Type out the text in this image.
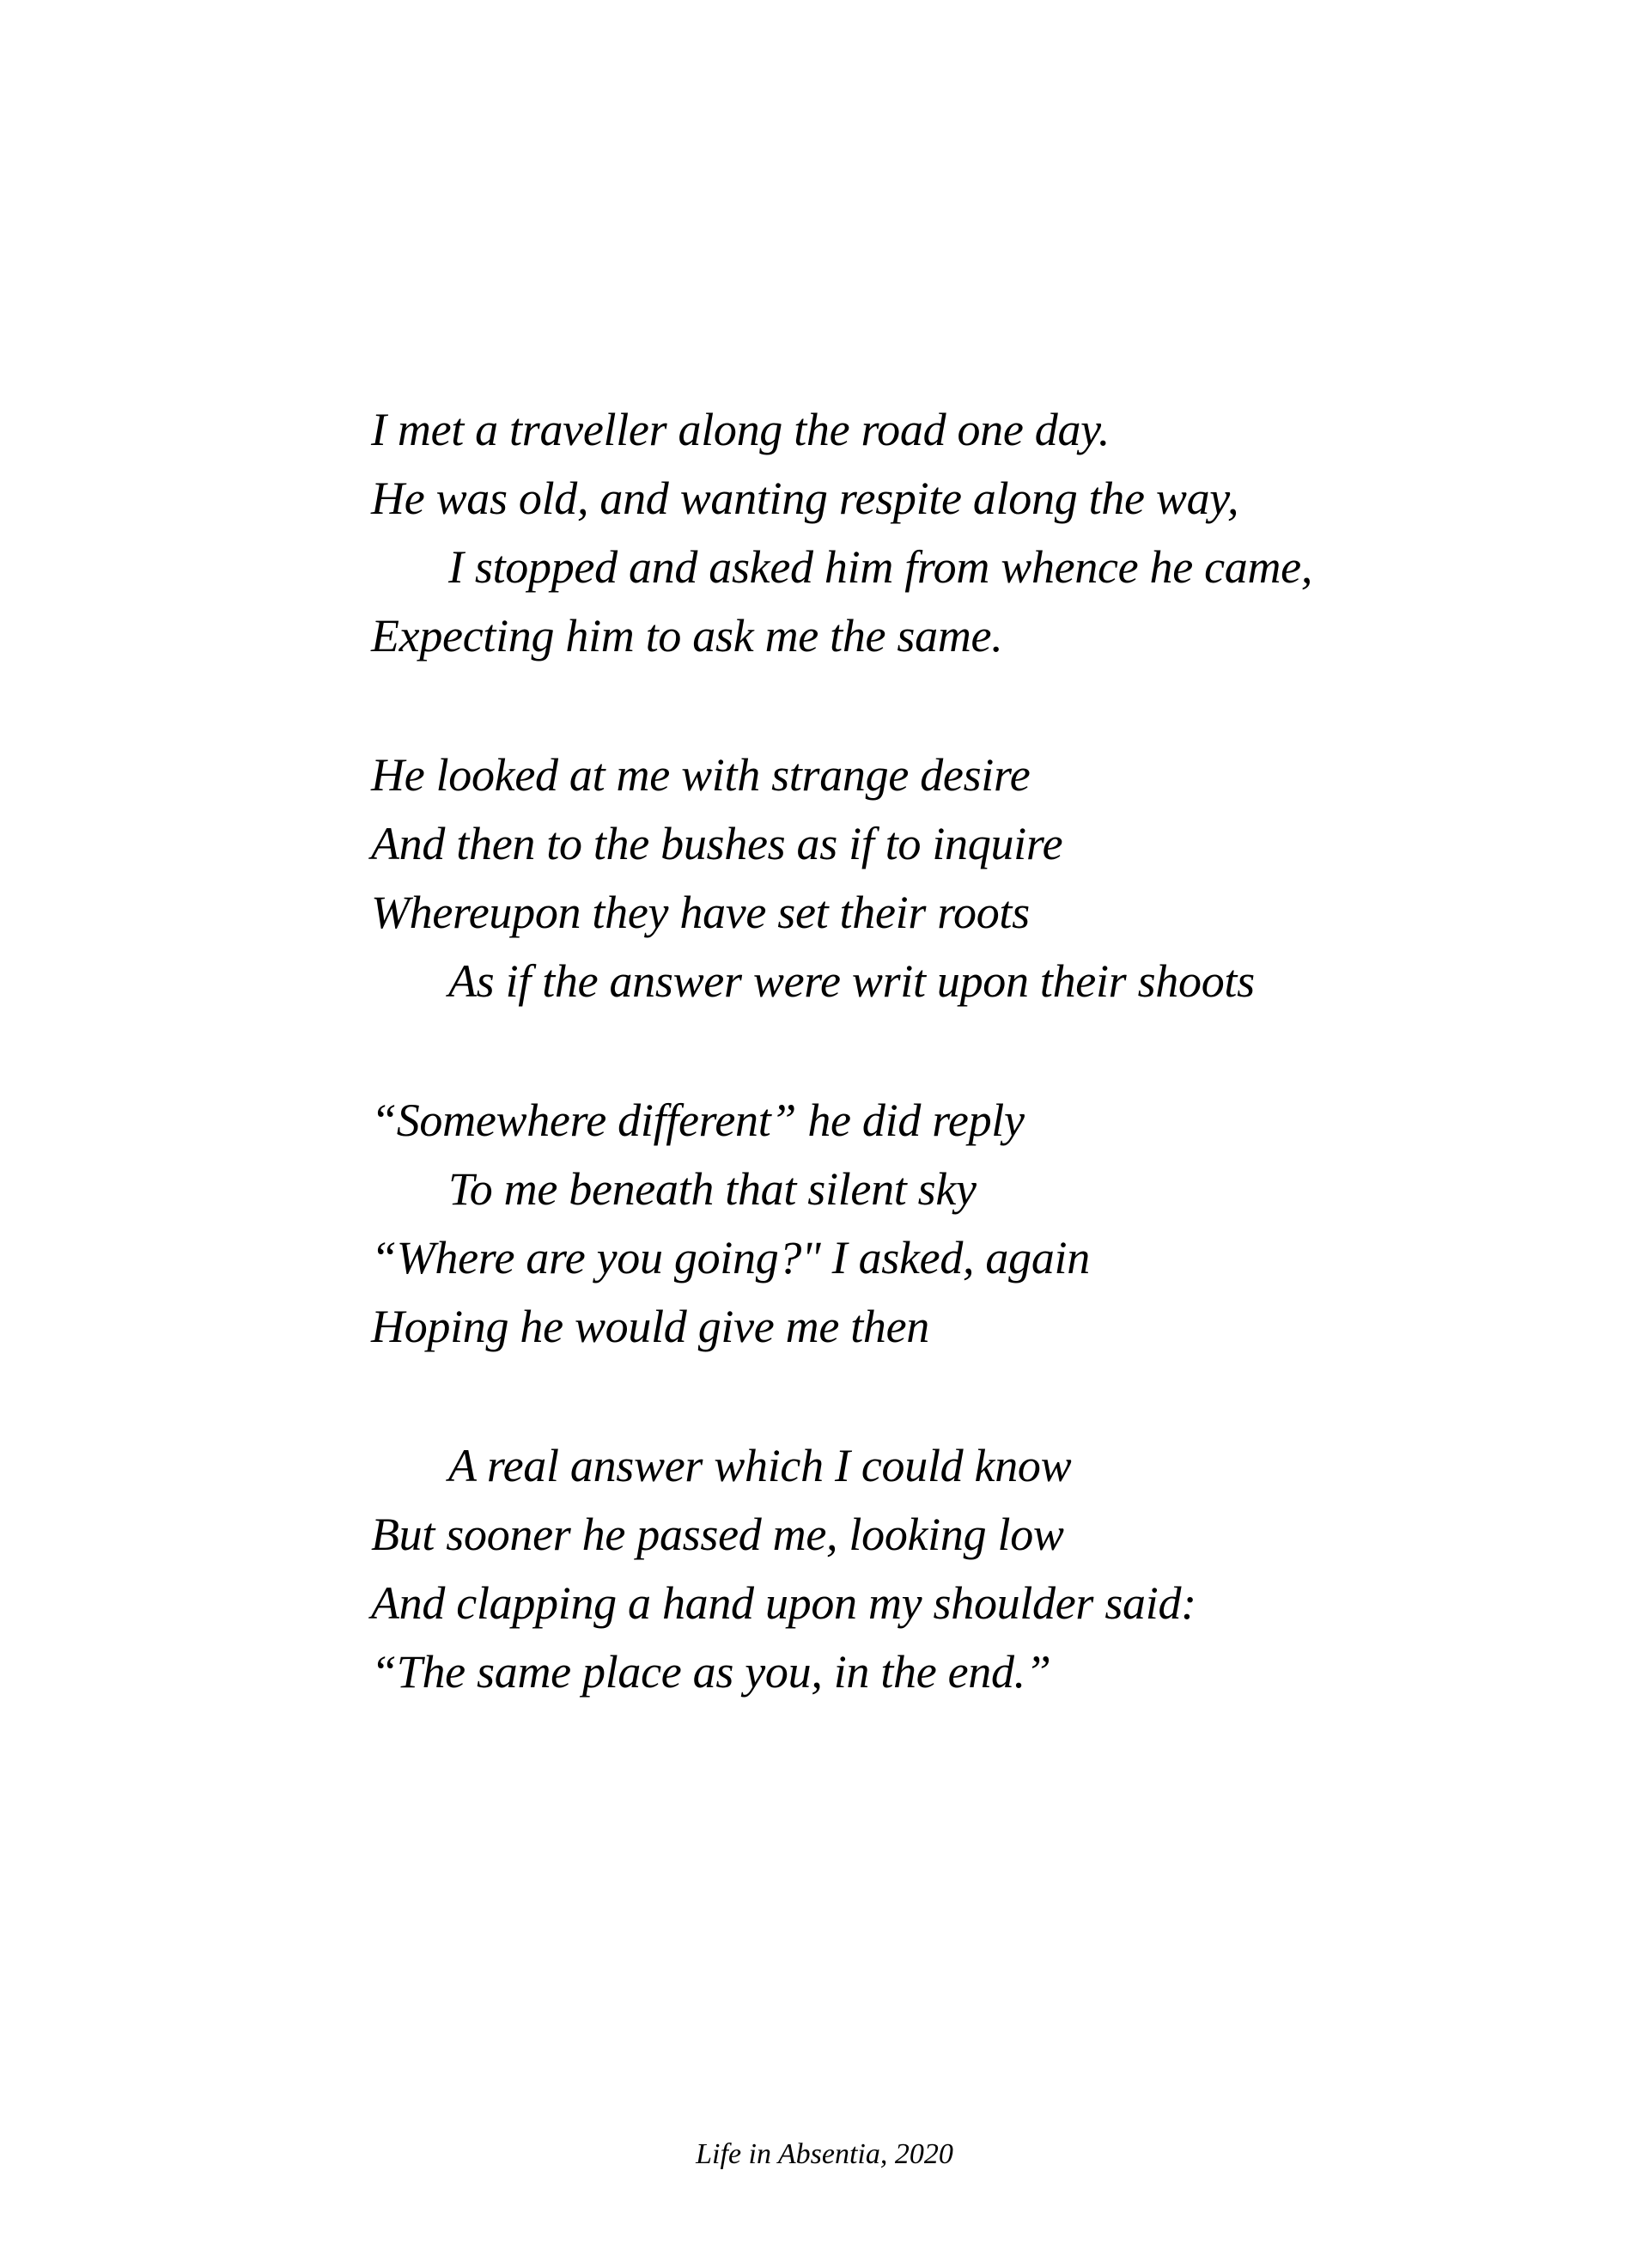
I met a traveller along the road one day.
He was old, and wanting respite along the way,
I stopped and asked him from whence he came,
Expecting him to ask me the same.
He looked at me with strange desire
And then to the bushes as if to inquire
Whereupon they have set their roots
As if the answer were writ upon their shoots
“Somewhere different” he did reply
To me beneath that silent sky
“Where are you going?" I asked, again
Hoping he would give me then
A real answer which I could know
But sooner he passed me, looking low
And clapping a hand upon my shoulder said:
“The same place as you, in the end.”
Life in Absentia, 2020
